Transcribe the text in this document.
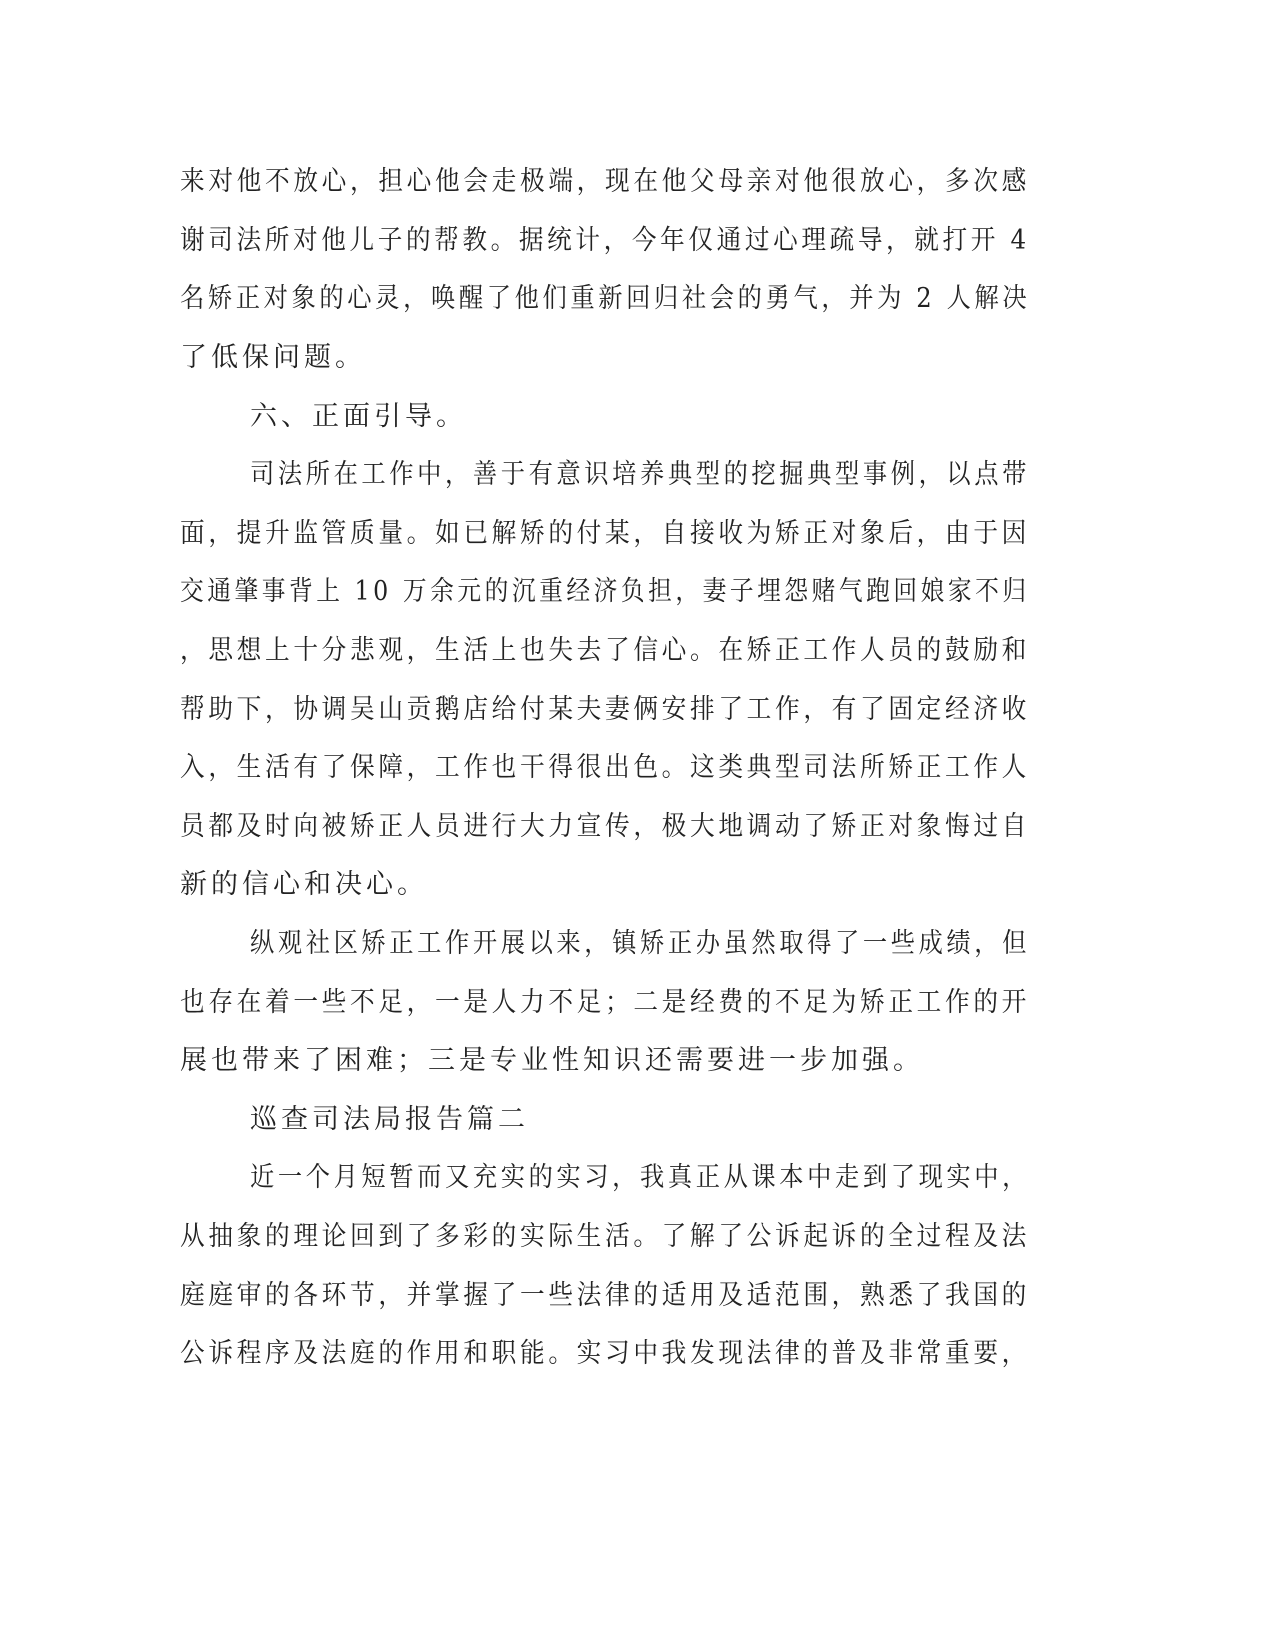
来对他不放心，担心他会走极端，现在他父母亲对他很放心，多次感
谢司法所对他儿子的帮教。据统计，今年仅通过心理疏导，就打开 4
名矫正对象的心灵，唤醒了他们重新回归社会的勇气，并为 2 人解决
了低保问题。
六、正面引导。
司法所在工作中，善于有意识培养典型的挖掘典型事例，以点带
面，提升监管质量。如已解矫的付某，自接收为矫正对象后，由于因
交通肇事背上 10 万余元的沉重经济负担，妻子埋怨赌气跑回娘家不归
，思想上十分悲观，生活上也失去了信心。在矫正工作人员的鼓励和
帮助下，协调吴山贡鹅店给付某夫妻俩安排了工作，有了固定经济收
入，生活有了保障，工作也干得很出色。这类典型司法所矫正工作人
员都及时向被矫正人员进行大力宣传，极大地调动了矫正对象悔过自
新的信心和决心。
纵观社区矫正工作开展以来，镇矫正办虽然取得了一些成绩，但
也存在着一些不足，一是人力不足；二是经费的不足为矫正工作的开
展也带来了困难；三是专业性知识还需要进一步加强。
巡查司法局报告篇二
近一个月短暂而又充实的实习，我真正从课本中走到了现实中，
从抽象的理论回到了多彩的实际生活。了解了公诉起诉的全过程及法
庭庭审的各环节，并掌握了一些法律的适用及适范围，熟悉了我国的
公诉程序及法庭的作用和职能。实习中我发现法律的普及非常重要，
